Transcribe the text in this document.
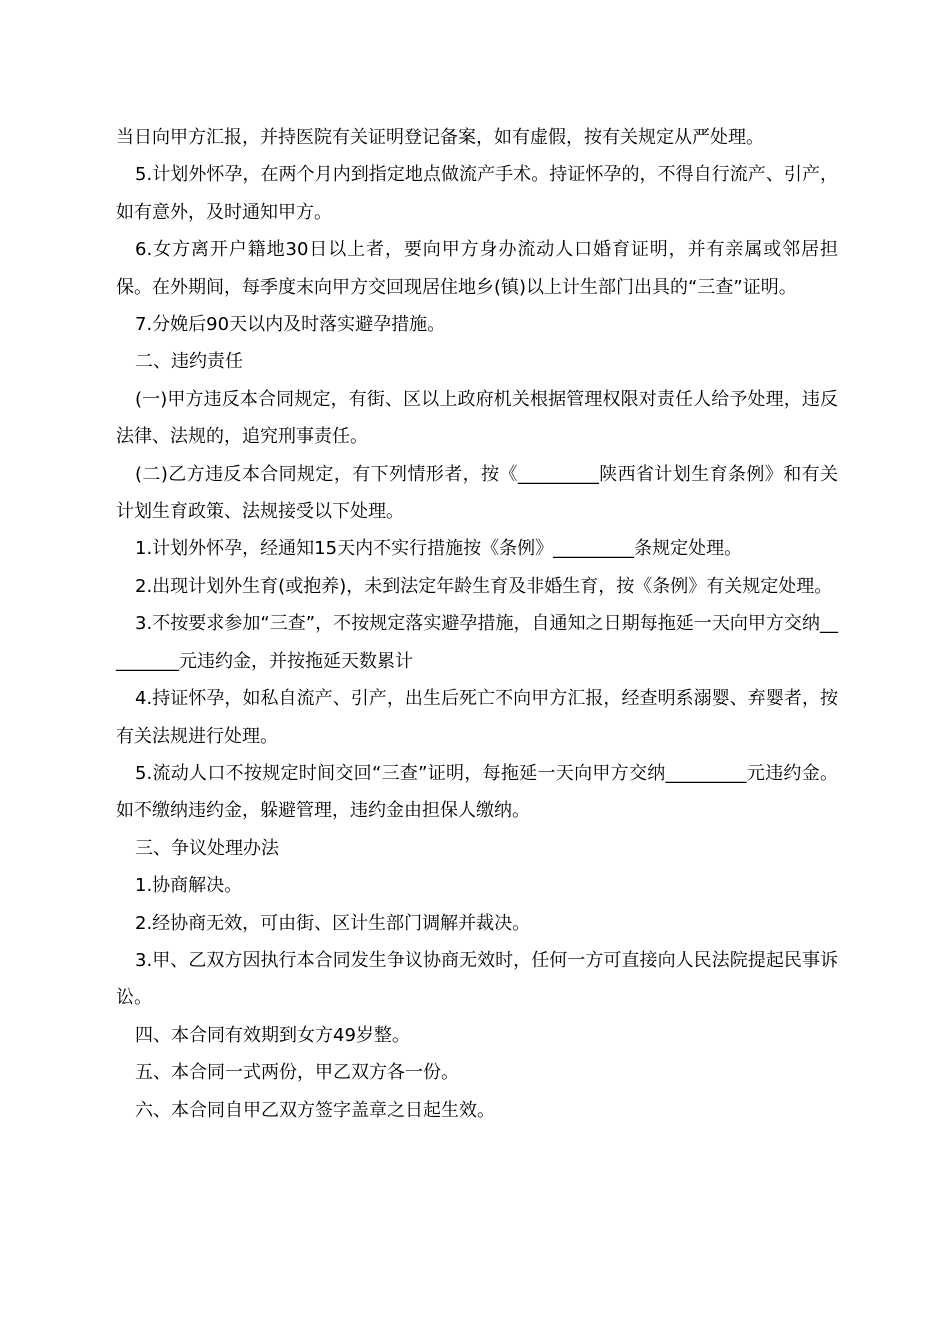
当日向甲方汇报，并持医院有关证明登记备案，如有虚假，按有关规定从严处理。

5.计划外怀孕，在两个月内到指定地点做流产手术。持证怀孕的，不得自行流产、引产，如有意外，及时通知甲方。

6.女方离开户籍地30日以上者，要向甲方身办流动人口婚育证明，并有亲属或邻居担保。在外期间，每季度末向甲方交回现居住地乡(镇)以上计生部门出具的“三查”证明。

7.分娩后90天以内及时落实避孕措施。

二、违约责任

(一)甲方违反本合同规定，有街、区以上政府机关根据管理权限对责任人给予处理，违反法律、法规的，追究刑事责任。

(二)乙方违反本合同规定，有下列情形者，按《_________陕西省计划生育条例》和有关计划生育政策、法规接受以下处理。

1.计划外怀孕，经通知15天内不实行措施按《条例》_________条规定处理。

2.出现计划外生育(或抱养)，未到法定年龄生育及非婚生育，按《条例》有关规定处理。

3.不按要求参加“三查”，不按规定落实避孕措施，自通知之日期每拖延一天向甲方交纳_________元违约金，并按拖延天数累计

4.持证怀孕，如私自流产、引产，出生后死亡不向甲方汇报，经查明系溺婴、弃婴者，按有关法规进行处理。

5.流动人口不按规定时间交回“三查”证明，每拖延一天向甲方交纳_________元违约金。如不缴纳违约金，躲避管理，违约金由担保人缴纳。

三、争议处理办法

1.协商解决。

2.经协商无效，可由街、区计生部门调解并裁决。

3.甲、乙双方因执行本合同发生争议协商无效时，任何一方可直接向人民法院提起民事诉讼。

四、本合同有效期到女方49岁整。

五、本合同一式两份，甲乙双方各一份。

六、本合同自甲乙双方签字盖章之日起生效。
